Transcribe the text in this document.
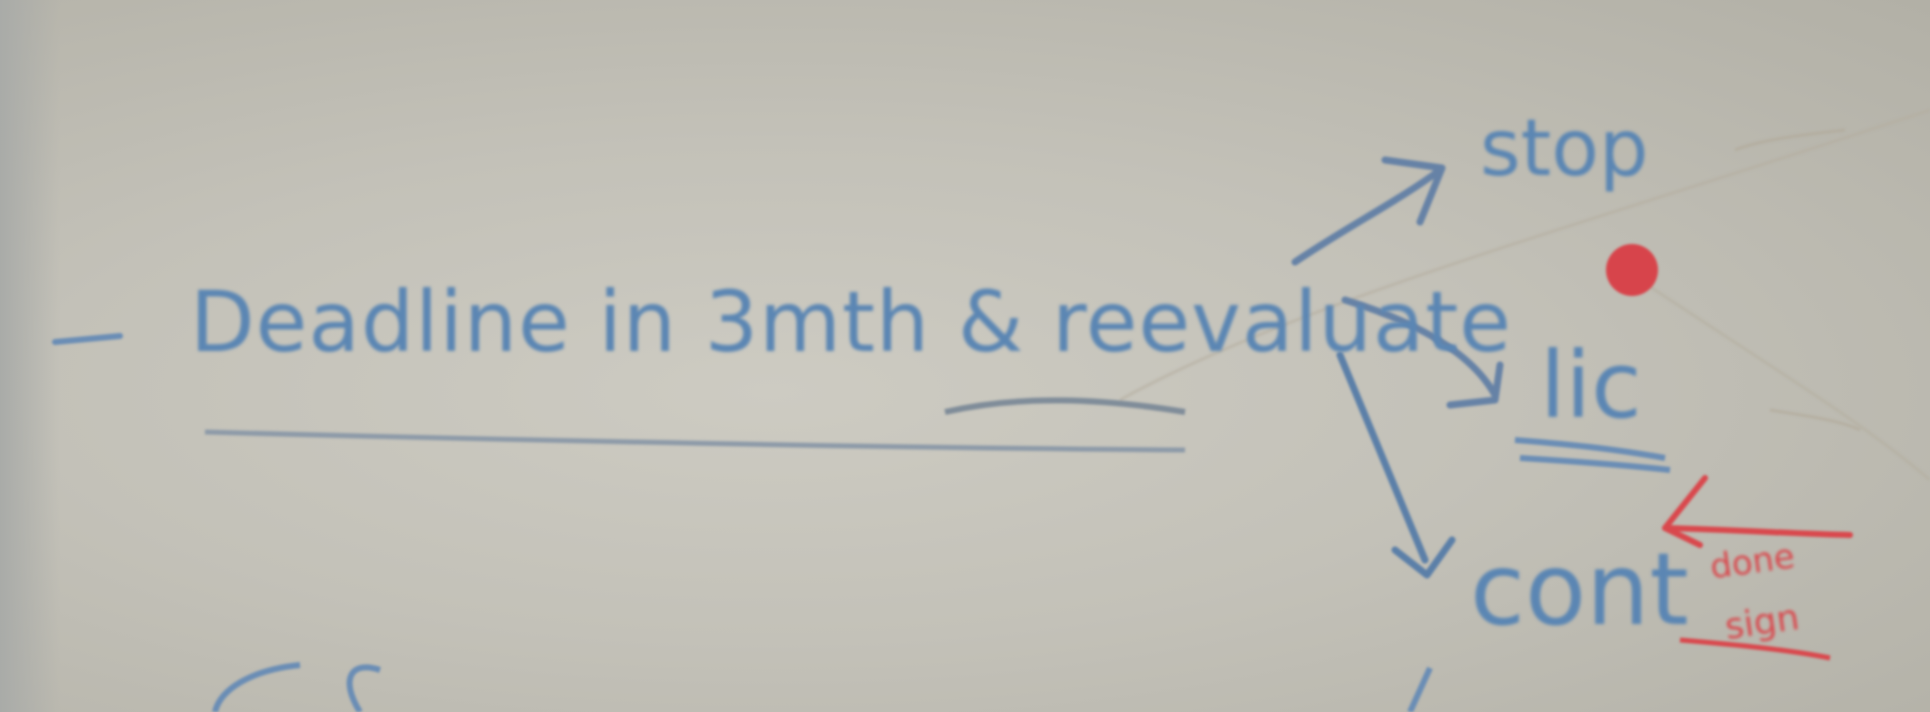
Deadline in 3mth & reevaluate
stop
lic
cont done
sign
